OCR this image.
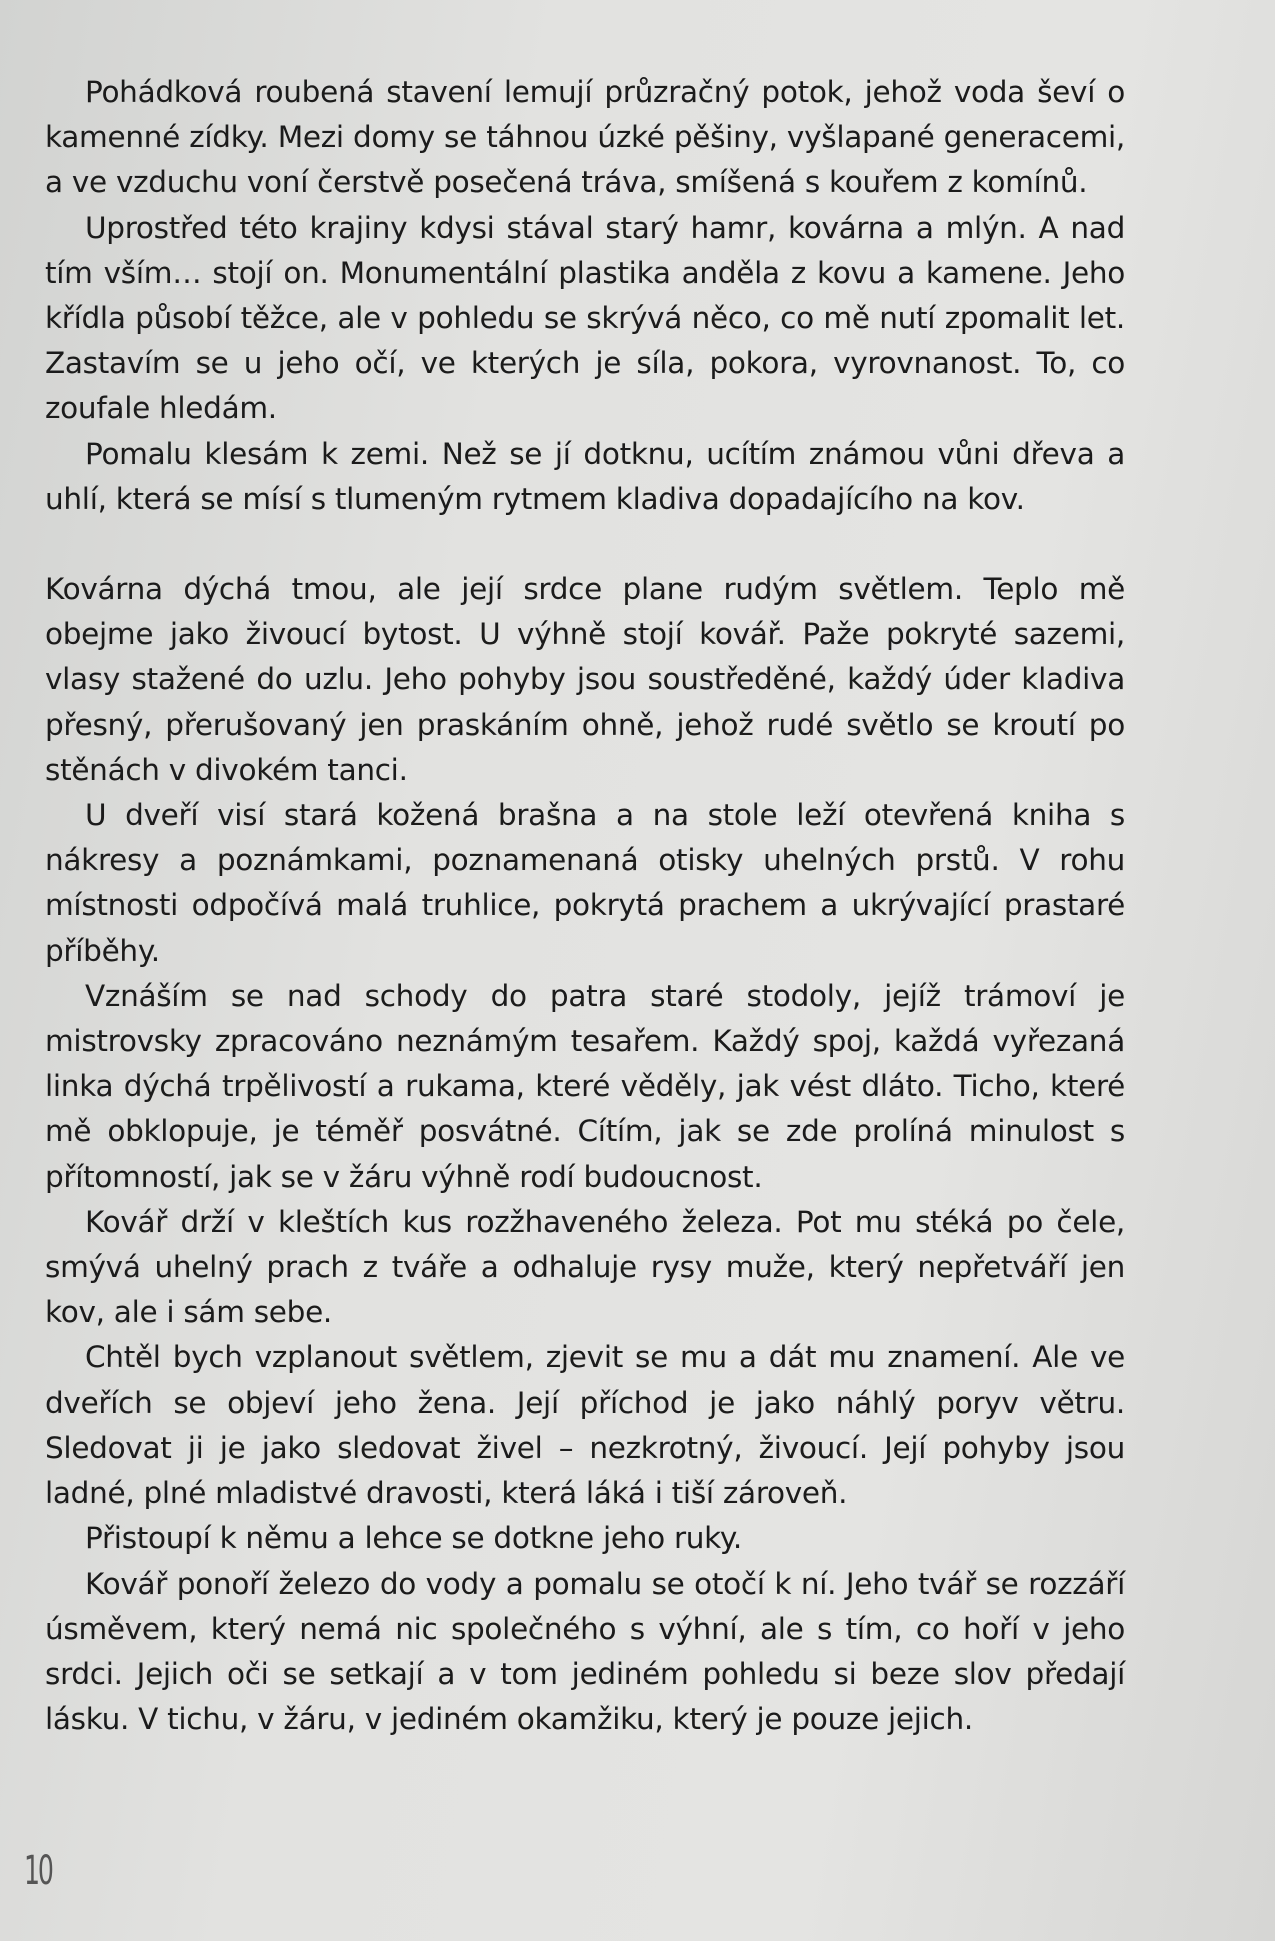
Pohádková roubená stavení lemují průzračný potok, jehož voda ševí o kamenné zídky. Mezi domy se táhnou úzké pěšiny, vyšlapané generacemi, a ve vzduchu voní čerstvě posečená tráva, smíšená s kouřem z komínů.

Uprostřed této krajiny kdysi stával starý hamr, kovárna a mlýn. A nad tím vším… stojí on. Monumentální plastika anděla z kovu a kamene. Jeho křídla působí těžce, ale v pohledu se skrývá něco, co mě nutí zpomalit let. Zastavím se u jeho očí, ve kterých je síla, pokora, vyrovnanost. To, co zoufale hledám.

Pomalu klesám k zemi. Než se jí dotknu, ucítím známou vůni dřeva a uhlí, která se mísí s tlumeným rytmem kladiva dopadajícího na kov.

Kovárna dýchá tmou, ale její srdce plane rudým světlem. Teplo mě obejme jako živoucí bytost. U výhně stojí kovář. Paže pokryté sazemi, vlasy stažené do uzlu. Jeho pohyby jsou soustředěné, každý úder kladiva přesný, přerušovaný jen praskáním ohně, jehož rudé světlo se kroutí po stěnách v divokém tanci.

U dveří visí stará kožená brašna a na stole leží otevřená kniha s nákresy a poznámkami, poznamenaná otisky uhelných prstů. V rohu místnosti odpočívá malá truhlice, pokrytá prachem a ukrývající prastaré příběhy.

Vznáším se nad schody do patra staré stodoly, jejíž trámoví je mistrovsky zpracováno neznámým tesařem. Každý spoj, každá vyřezaná linka dýchá trpělivostí a rukama, které věděly, jak vést dláto. Ticho, které mě obklopuje, je téměř posvátné. Cítím, jak se zde prolíná minulost s přítomností, jak se v žáru výhně rodí budoucnost.

Kovář drží v kleštích kus rozžhaveného železa. Pot mu stéká po čele, smývá uhelný prach z tváře a odhaluje rysy muže, který nepřetváří jen kov, ale i sám sebe.

Chtěl bych vzplanout světlem, zjevit se mu a dát mu znamení. Ale ve dveřích se objeví jeho žena. Její příchod je jako náhlý poryv větru. Sledovat ji je jako sledovat živel – nezkrotný, živoucí. Její pohyby jsou ladné, plné mladistvé dravosti, která láká i tiší zároveň.

Přistoupí k němu a lehce se dotkne jeho ruky.

Kovář ponoří železo do vody a pomalu se otočí k ní. Jeho tvář se rozzáří úsměvem, který nemá nic společného s výhní, ale s tím, co hoří v jeho srdci. Jejich oči se setkají a v tom jediném pohledu si beze slov předají lásku. V tichu, v žáru, v jediném okamžiku, který je pouze jejich.

10
